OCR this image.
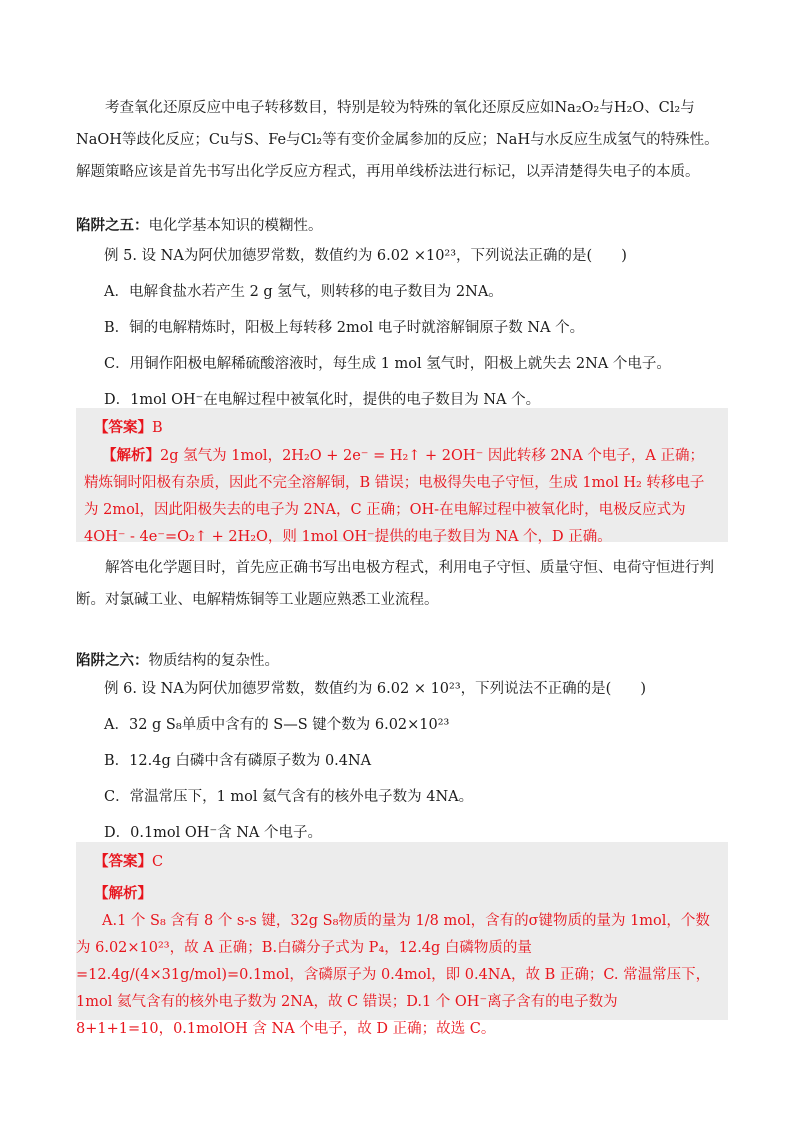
考查氧化还原反应中电子转移数目，特别是较为特殊的氧化还原反应如Na₂O₂与H₂O、Cl₂与NaOH等歧化反应；Cu与S、Fe与Cl₂等有变价金属参加的反应；NaH与水反应生成氢气的特殊性。解题策略应该是首先书写出化学反应方程式，再用单线桥法进行标记，以弄清楚得失电子的本质。

陷阱之五：电化学基本知识的模糊性。

例 5. 设 NA为阿伏加德罗常数，数值约为 6.02 ×10²³，下列说法正确的是(　　)

A．电解食盐水若产生 2 g 氢气，则转移的电子数目为 2NA。

B．铜的电解精炼时，阳极上每转移 2mol 电子时就溶解铜原子数 NA 个。

C．用铜作阳极电解稀硫酸溶液时，每生成 1 mol 氢气时，阳极上就失去 2NA 个电子。

D．1mol OH⁻在电解过程中被氧化时，提供的电子数目为 NA 个。

【答案】B

【解析】2g 氢气为 1mol，2H₂O + 2e⁻ = H₂↑ + 2OH⁻ 因此转移 2NA 个电子，A 正确；精炼铜时阳极有杂质，因此不完全溶解铜，B 错误；电极得失电子守恒，生成 1mol H₂ 转移电子为 2mol，因此阳极失去的电子为 2NA，C 正确；OH-在电解过程中被氧化时，电极反应式为 4OH⁻ - 4e⁻=O₂↑ + 2H₂O，则 1mol OH⁻提供的电子数目为 NA 个，D 正确。

解答电化学题目时，首先应正确书写出电极方程式，利用电子守恒、质量守恒、电荷守恒进行判断。对氯碱工业、电解精炼铜等工业题应熟悉工业流程。

陷阱之六：物质结构的复杂性。

例 6. 设 NA为阿伏加德罗常数，数值约为 6.02 × 10²³，下列说法不正确的是(　　)

A．32 g S₈单质中含有的 S—S 键个数为 6.02×10²³

B．12.4g 白磷中含有磷原子数为 0.4NA

C．常温常压下，1 mol 氦气含有的核外电子数为 4NA。

D．0.1mol OH⁻含 NA 个电子。

【答案】C

【解析】

A.1 个 S₈ 含有 8 个 s-s 键，32g S₈物质的量为 1/8 mol，含有的σ键物质的量为 1mol，个数为 6.02×10²³，故 A 正确；B.白磷分子式为 P₄，12.4g 白磷物质的量=12.4g/(4×31g/mol)=0.1mol，含磷原子为 0.4mol，即 0.4NA，故 B 正确；C. 常温常压下，1mol 氦气含有的核外电子数为 2NA，故 C 错误；D.1 个 OH⁻离子含有的电子数为 8+1+1=10，0.1molOH 含 NA 个电子，故 D 正确；故选 C。
